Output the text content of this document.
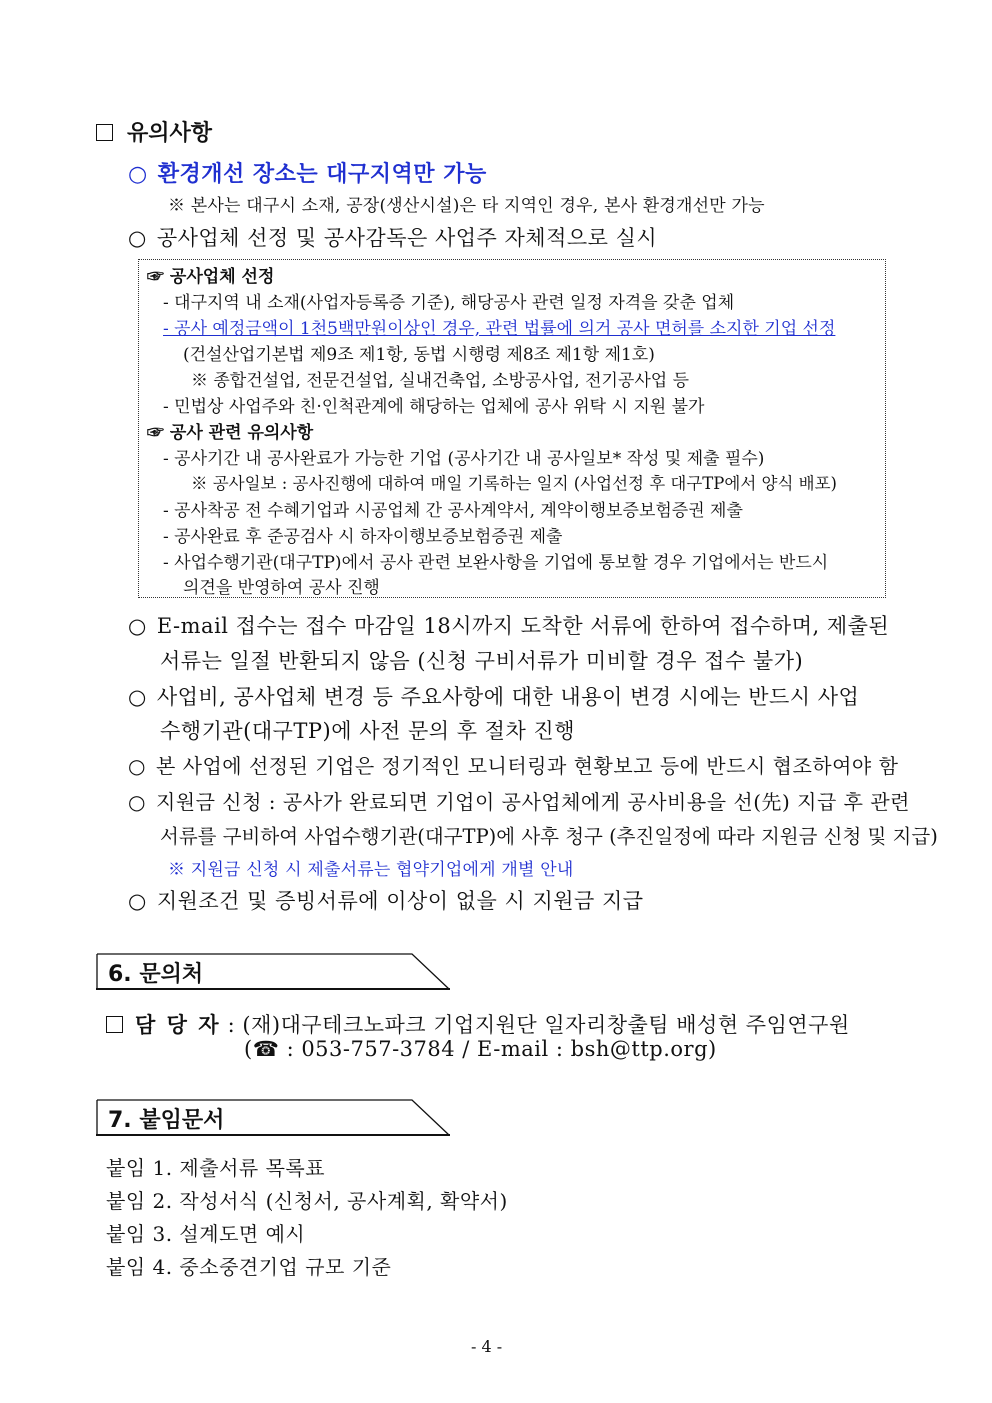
유의사항
○ 환경개선 장소는 대구지역만 가능
※ 본사는 대구시 소재, 공장(생산시설)은 타 지역인 경우, 본사 환경개선만 가능
○ 공사업체 선정 및 공사감독은 사업주 자체적으로 실시
☞ 공사업체 선정
- 대구지역 내 소재(사업자등록증 기준), 해당공사 관련 일정 자격을 갖춘 업체
- 공사 예정금액이 1천5백만원이상인 경우, 관련 법률에 의거 공사 면허를 소지한 기업 선정
(건설산업기본법 제9조 제1항, 동법 시행령 제8조 제1항 제1호)
※ 종합건설업, 전문건설업, 실내건축업, 소방공사업, 전기공사업 등
- 민법상 사업주와 친·인척관계에 해당하는 업체에 공사 위탁 시 지원 불가
☞ 공사 관련 유의사항
- 공사기간 내 공사완료가 가능한 기업 (공사기간 내 공사일보* 작성 및 제출 필수)
※ 공사일보 : 공사진행에 대하여 매일 기록하는 일지 (사업선정 후 대구TP에서 양식 배포)
- 공사착공 전 수혜기업과 시공업체 간 공사계약서, 계약이행보증보험증권 제출
- 공사완료 후 준공검사 시 하자이행보증보험증권 제출
- 사업수행기관(대구TP)에서 공사 관련 보완사항을 기업에 통보할 경우 기업에서는 반드시
의견을 반영하여 공사 진행
○ E-mail 접수는 접수 마감일 18시까지 도착한 서류에 한하여 접수하며, 제출된
서류는 일절 반환되지 않음 (신청 구비서류가 미비할 경우 접수 불가)
○ 사업비, 공사업체 변경 등 주요사항에 대한 내용이 변경 시에는 반드시 사업
수행기관(대구TP)에 사전 문의 후 절차 진행
○ 본 사업에 선정된 기업은 정기적인 모니터링과 현황보고 등에 반드시 협조하여야 함
○ 지원금 신청 : 공사가 완료되면 기업이 공사업체에게 공사비용을 선(先) 지급 후 관련
서류를 구비하여 사업수행기관(대구TP)에 사후 청구 (추진일정에 따라 지원금 신청 및 지급)
※ 지원금 신청 시 제출서류는 협약기업에게 개별 안내
○ 지원조건 및 증빙서류에 이상이 없을 시 지원금 지급
6. 문의처
담 당 자 : (재)대구테크노파크 기업지원단 일자리창출팀 배성현 주임연구원
(☎ : 053-757-3784 / E-mail : bsh@ttp.org)
7. 붙임문서
붙임 1. 제출서류 목록표
붙임 2. 작성서식 (신청서, 공사계획, 확약서)
붙임 3. 설계도면 예시
붙임 4. 중소중견기업 규모 기준
- 4 -
